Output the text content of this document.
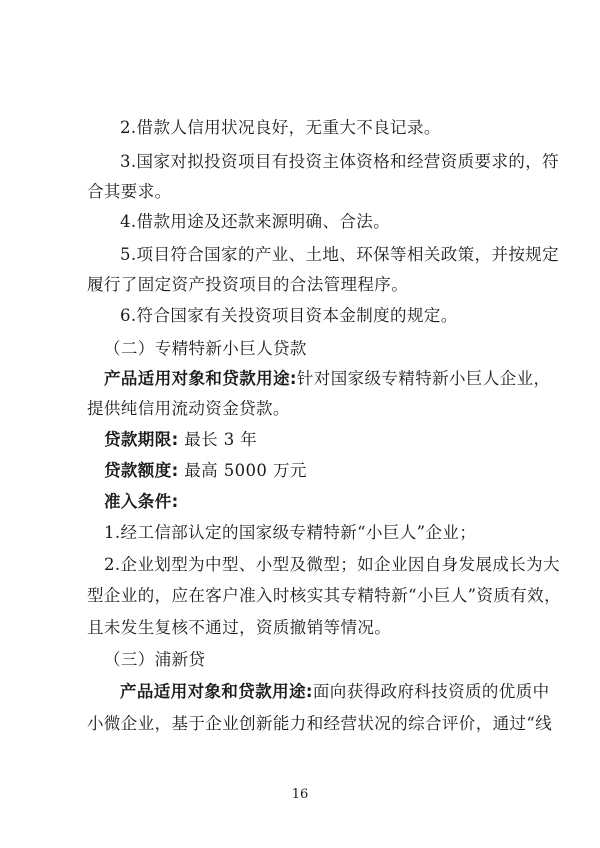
2.借款人信用状况良好，无重大不良记录。
3.国家对拟投资项目有投资主体资格和经营资质要求的，符
合其要求。
4.借款用途及还款来源明确、合法。
5.项目符合国家的产业、土地、环保等相关政策，并按规定
履行了固定资产投资项目的合法管理程序。
6.符合国家有关投资项目资本金制度的规定。
（二）专精特新小巨人贷款
产品适用对象和贷款用途:针对国家级专精特新小巨人企业，
提供纯信用流动资金贷款。
贷款期限: 最长 3 年
贷款额度: 最高 5000 万元
准入条件:
1.经工信部认定的国家级专精特新“小巨人”企业；
2.企业划型为中型、小型及微型；如企业因自身发展成长为大
型企业的，应在客户准入时核实其专精特新“小巨人”资质有效，
且未发生复核不通过，资质撤销等情况。
（三）浦新贷
产品适用对象和贷款用途:面向获得政府科技资质的优质中
小微企业，基于企业创新能力和经营状况的综合评价，通过“线
16
